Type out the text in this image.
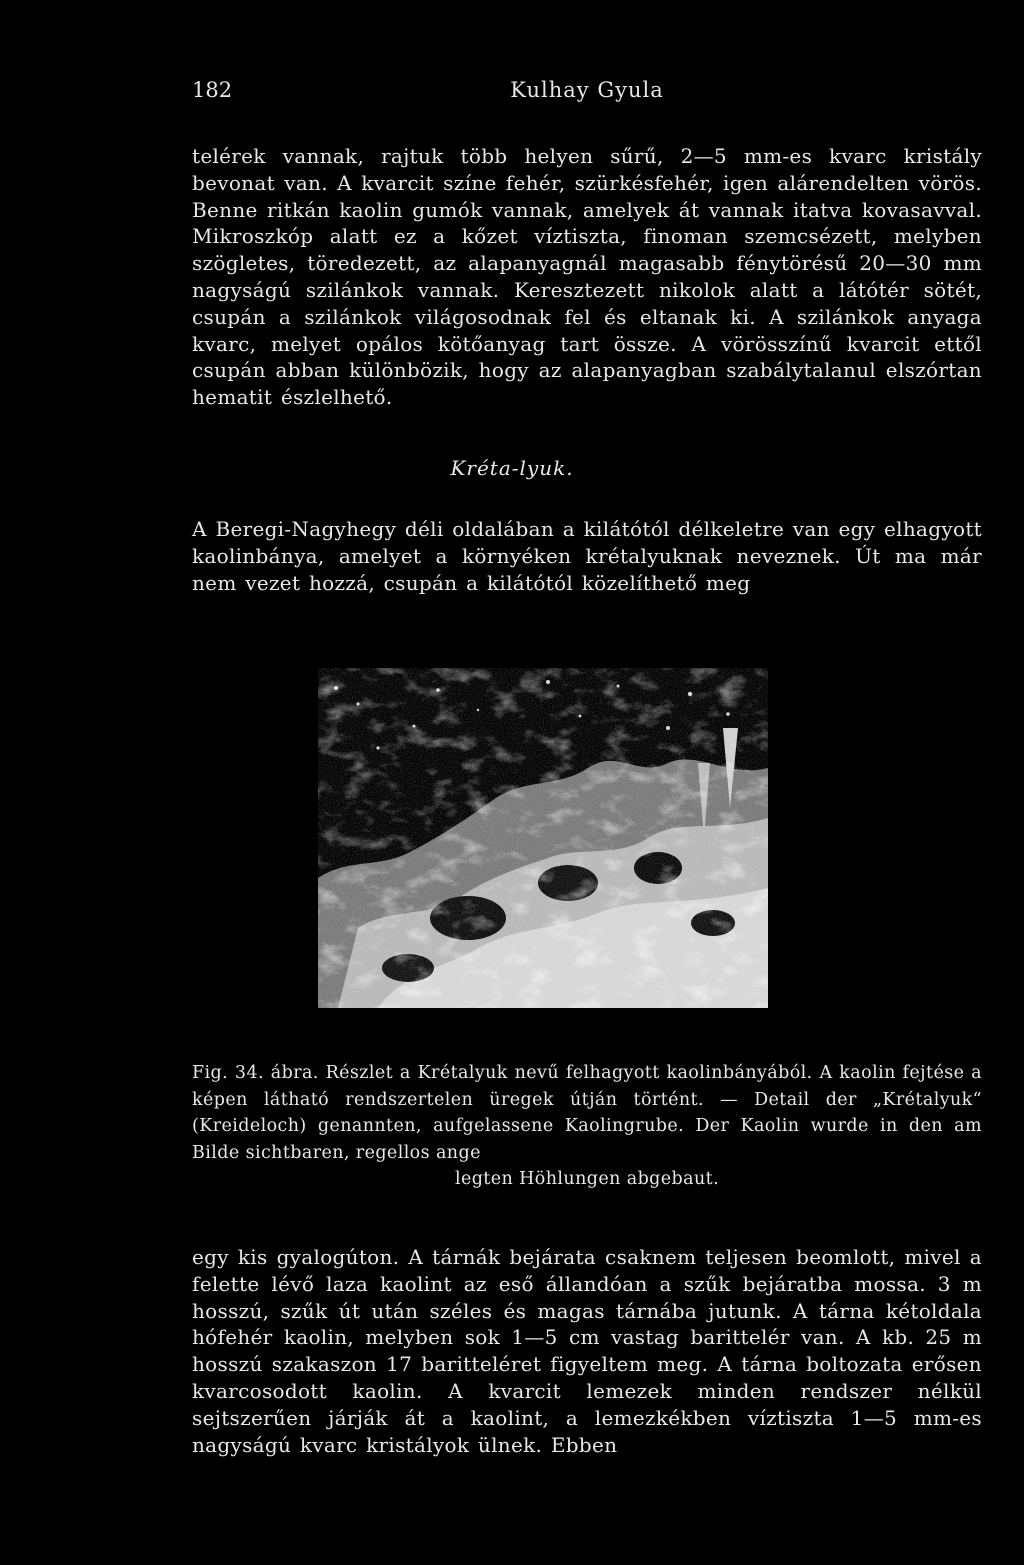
182	Kulhay Gyula
telérek vannak, rajtuk több helyen sűrű, 2—5 mm-es kvarc kristály bevonat van. A kvarcit színe fehér, szürkésfehér, igen alárendelten vörös. Benne ritkán kaolin gumók vannak, amelyek át vannak itatva kovasavval. Mikroszkóp alatt ez a kőzet víztiszta, finoman szemcsézett, melyben szögletes, töredezett, az alapanyagnál magasabb fénytörésű 20—30 mm nagyságú szilánkok vannak. Keresztezett nikolok alatt a látótér sötét, csupán a szilánkok világosodnak fel és eltanak ki. A szilánkok anyaga kvarc, melyet opálos kötőanyag tart össze. A vörösszínű kvarcit ettől csupán abban különbözik, hogy az alapanyagban szabálytalanul elszórtan hematit észlelhető.
Kréta-lyuk.
A Beregi-Nagyhegy déli oldalában a kilátótól délkeletre van egy elhagyott kaolinbánya, amelyet a környéken krétalyuknak neveznek. Út ma már nem vezet hozzá, csupán a kilátótól közelíthető meg
Fig. 34. ábra. Részlet a Krétalyuk nevű felhagyott kaolinbányából. A kaolin fejtése a képen látható rendszertelen üregek útján történt. — Detail der „Krétalyuk“ (Kreideloch) genannten, aufgelassene Kaolingrube. Der Kaolin wurde in den am Bilde sichtbaren, regellos ange
legten Höhlungen abgebaut.
egy kis gyalogúton. A tárnák bejárata csaknem teljesen beomlott, mivel a felette lévő laza kaolint az eső állandóan a szűk bejáratba mossa. 3 m hosszú, szűk út után széles és magas tárnába jutunk. A tárna kétoldala hófehér kaolin, melyben sok 1—5 cm vastag barittelér van. A kb. 25 m hosszú szakaszon 17 baritteléret figyeltem meg. A tárna boltozata erősen kvarcosodott kaolin. A kvarcit lemezek minden rendszer nélkül sejtszerűen járják át a kaolint, a lemezkékben víztiszta 1—5 mm-es nagyságú kvarc kristályok ülnek. Ebben
